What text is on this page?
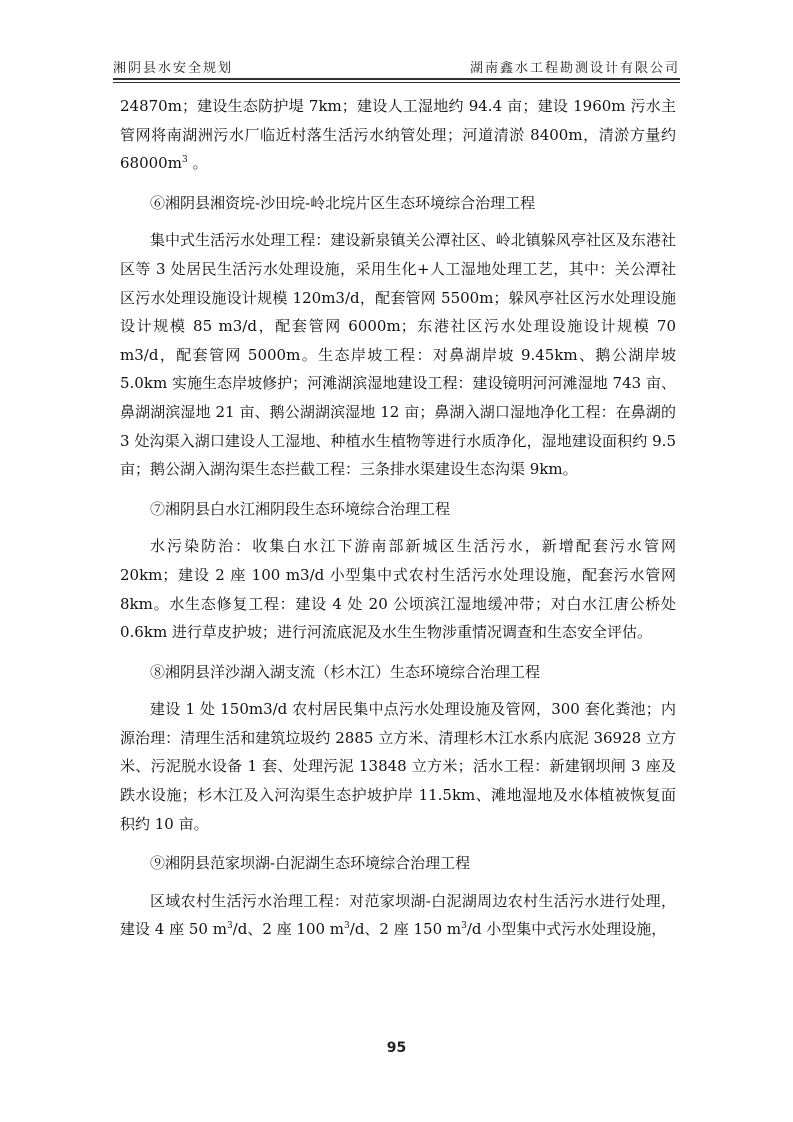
湘阴县水安全规划	湖南鑫水工程勘测设计有限公司

24870m；建设生态防护堤 7km；建设人工湿地约 94.4 亩；建设 1960m 污水主管网将南湖洲污水厂临近村落生活污水纳管处理；河道清淤 8400m，清淤方量约 $68000m^3$ 。

⑥湘阴县湘资垸-沙田垸-岭北垸片区生态环境综合治理工程

集中式生活污水处理工程：建设新泉镇关公潭社区、岭北镇躲风亭社区及东港社区等 3 处居民生活污水处理设施，采用生化+人工湿地处理工艺，其中：关公潭社区污水处理设施设计规模 120m3/d，配套管网 5500m；躲风亭社区污水处理设施设计规模 85 m3/d，配套管网 6000m；东港社区污水处理设施设计规模 70 m3/d，配套管网 5000m。生态岸坡工程：对鼻湖岸坡 9.45km、鹅公湖岸坡 5.0km 实施生态岸坡修护；河滩湖滨湿地建设工程：建设镜明河河滩湿地 743 亩、鼻湖湖滨湿地 21 亩、鹅公湖湖滨湿地 12 亩；鼻湖入湖口湿地净化工程：在鼻湖的 3 处沟渠入湖口建设人工湿地、种植水生植物等进行水质净化，湿地建设面积约 9.5 亩；鹅公湖入湖沟渠生态拦截工程：三条排水渠建设生态沟渠 9km。

⑦湘阴县白水江湘阴段生态环境综合治理工程

水污染防治：收集白水江下游南部新城区生活污水，新增配套污水管网 20km；建设 2 座 100 m3/d 小型集中式农村生活污水处理设施，配套污水管网 8km。水生态修复工程：建设 4 处 20 公顷滨江湿地缓冲带；对白水江唐公桥处 0.6km 进行草皮护坡；进行河流底泥及水生生物涉重情况调查和生态安全评估。

⑧湘阴县洋沙湖入湖支流（杉木江）生态环境综合治理工程

建设 1 处 150m3/d 农村居民集中点污水处理设施及管网，300 套化粪池；内源治理：清理生活和建筑垃圾约 2885 立方米、清理杉木江水系内底泥 36928 立方米、污泥脱水设备 1 套、处理污泥 13848 立方米；活水工程：新建钢坝闸 3 座及跌水设施；杉木江及入河沟渠生态护坡护岸 11.5km、滩地湿地及水体植被恢复面积约 10 亩。

⑨湘阴县范家坝湖-白泥湖生态环境综合治理工程

区域农村生活污水治理工程：对范家坝湖-白泥湖周边农村生活污水进行处理，建设 4 座 50 $m^3/d$、2 座 100 $m^3/d$、2 座 150 $m^3/d$ 小型集中式污水处理设施，

95
